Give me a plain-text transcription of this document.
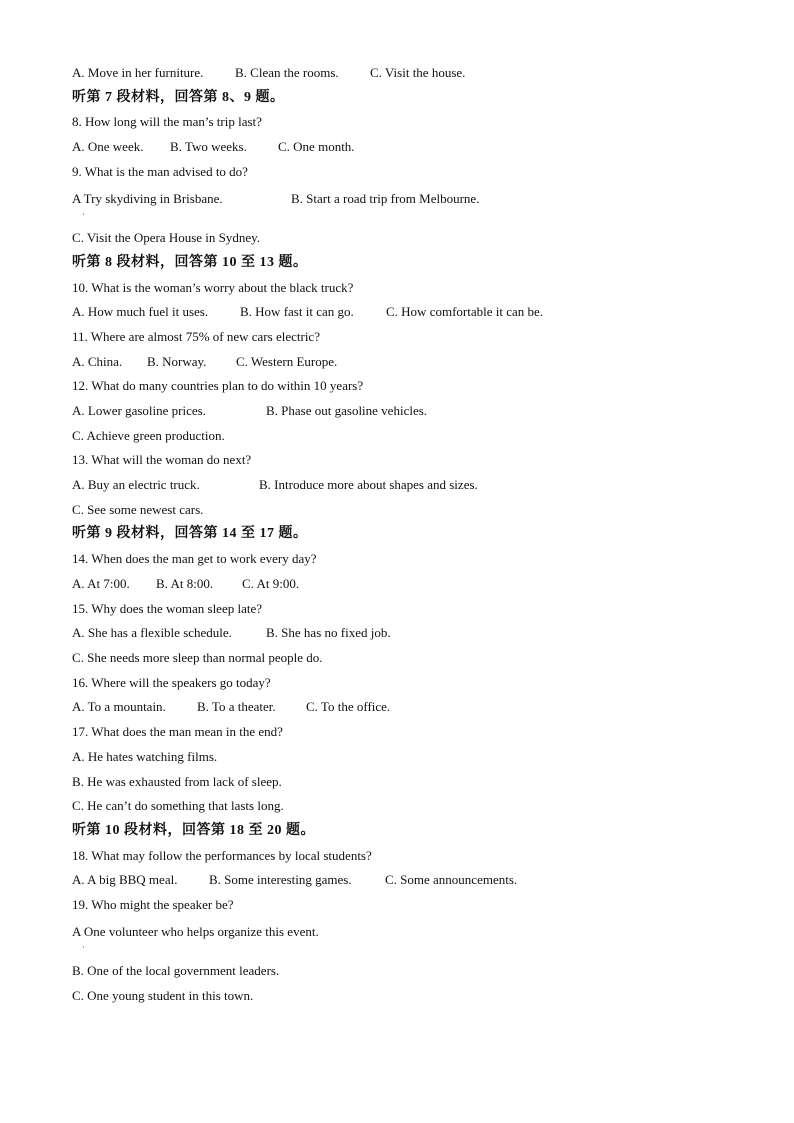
A. Move in her furniture. B. Clean the rooms. C. Visit the house.
听第 7 段材料，回答第 8、9 题。
8. How long will the man’s trip last?
A. One week. B. Two weeks. C. One month.
9. What is the man advised to do?
A Try skydiving in Brisbane.	B. Start a road trip from Melbourne.
·
C. Visit the Opera House in Sydney.
听第 8 段材料，回答第 10 至 13 题。
10. What is the woman’s worry about the black truck?
A. How much fuel it uses. B. How fast it can go. C. How comfortable it can be.
11. Where are almost 75% of new cars electric?
A. China. B. Norway. C. Western Europe.
12. What do many countries plan to do within 10 years?
A. Lower gasoline prices.	B. Phase out gasoline vehicles.
C. Achieve green production.
13. What will the woman do next?
A. Buy an electric truck.	B. Introduce more about shapes and sizes.
C. See some newest cars.
听第 9 段材料，回答第 14 至 17 题。
14. When does the man get to work every day?
A. At 7:00. B. At 8:00. C. At 9:00.
15. Why does the woman sleep late?
A. She has a flexible schedule.	B. She has no fixed job.
C. She needs more sleep than normal people do.
16. Where will the speakers go today?
A. To a mountain. B. To a theater. C. To the office.
17. What does the man mean in the end?
A. He hates watching films.
B. He was exhausted from lack of sleep.
C. He can’t do something that lasts long.
听第 10 段材料，回答第 18 至 20 题。
18. What may follow the performances by local students?
A. A big BBQ meal. B. Some interesting games.	C. Some announcements.
19. Who might the speaker be?
A One volunteer who helps organize this event.
·
B. One of the local government leaders.
C. One young student in this town.
